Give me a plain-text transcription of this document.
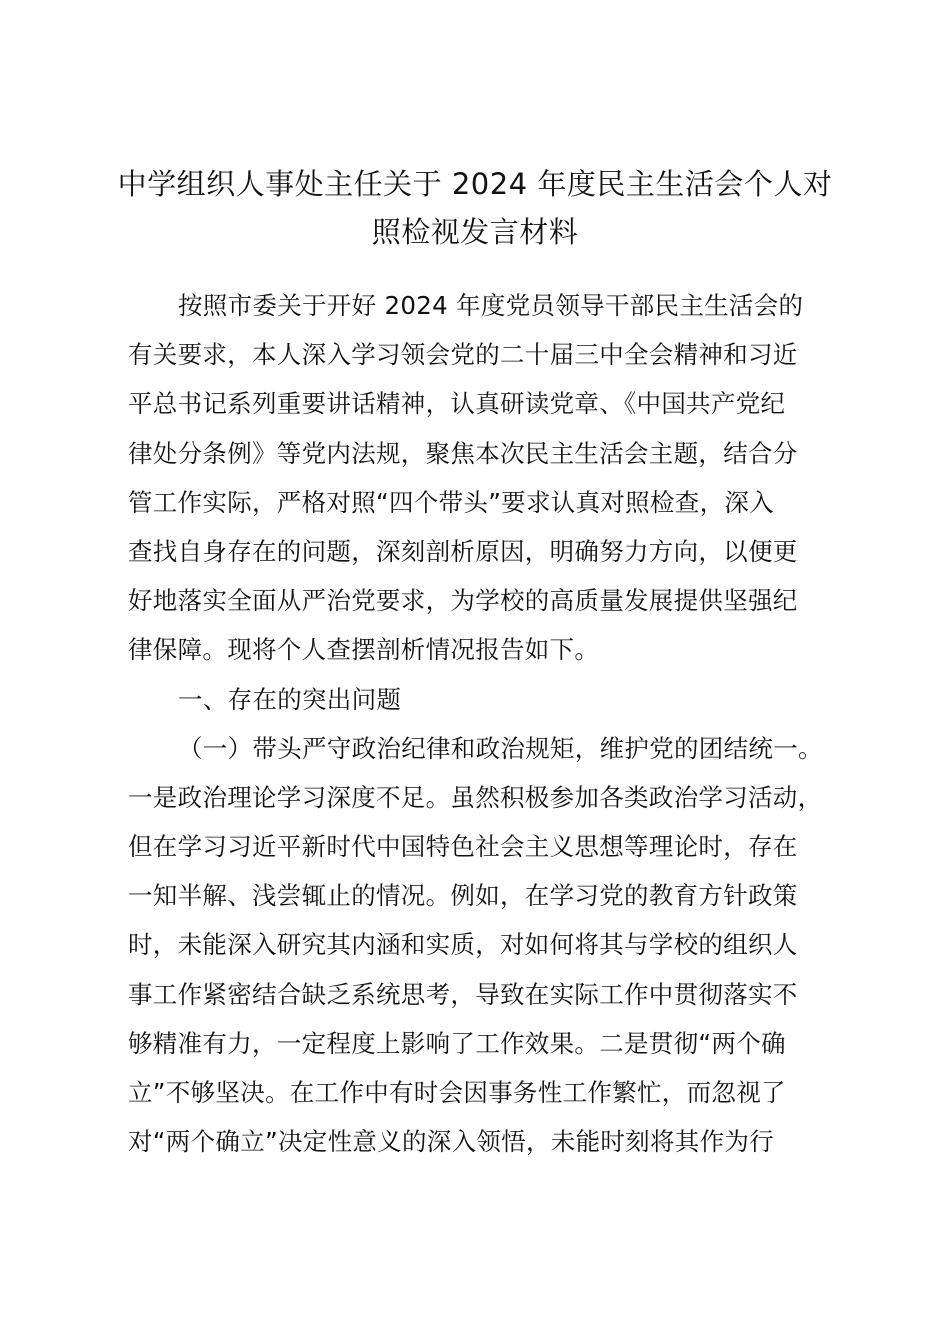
中学组织人事处主任关于 2024 年度民主生活会个人对
照检视发言材料
按照市委关于开好 2024 年度党员领导干部民主生活会的
有关要求，本人深入学习领会党的二十届三中全会精神和习近
平总书记系列重要讲话精神，认真研读党章、《中国共产党纪
律处分条例》等党内法规，聚焦本次民主生活会主题，结合分
管工作实际，严格对照“四个带头”要求认真对照检查，深入
查找自身存在的问题，深刻剖析原因，明确努力方向，以便更
好地落实全面从严治党要求，为学校的高质量发展提供坚强纪
律保障。现将个人查摆剖析情况报告如下。
一、存在的突出问题
（一）带头严守政治纪律和政治规矩，维护党的团结统一。
一是政治理论学习深度不足。虽然积极参加各类政治学习活动，
但在学习习近平新时代中国特色社会主义思想等理论时，存在
一知半解、浅尝辄止的情况。例如，在学习党的教育方针政策
时，未能深入研究其内涵和实质，对如何将其与学校的组织人
事工作紧密结合缺乏系统思考，导致在实际工作中贯彻落实不
够精准有力，一定程度上影响了工作效果。二是贯彻“两个确
立”不够坚决。在工作中有时会因事务性工作繁忙，而忽视了
对“两个确立”决定性意义的深入领悟，未能时刻将其作为行
